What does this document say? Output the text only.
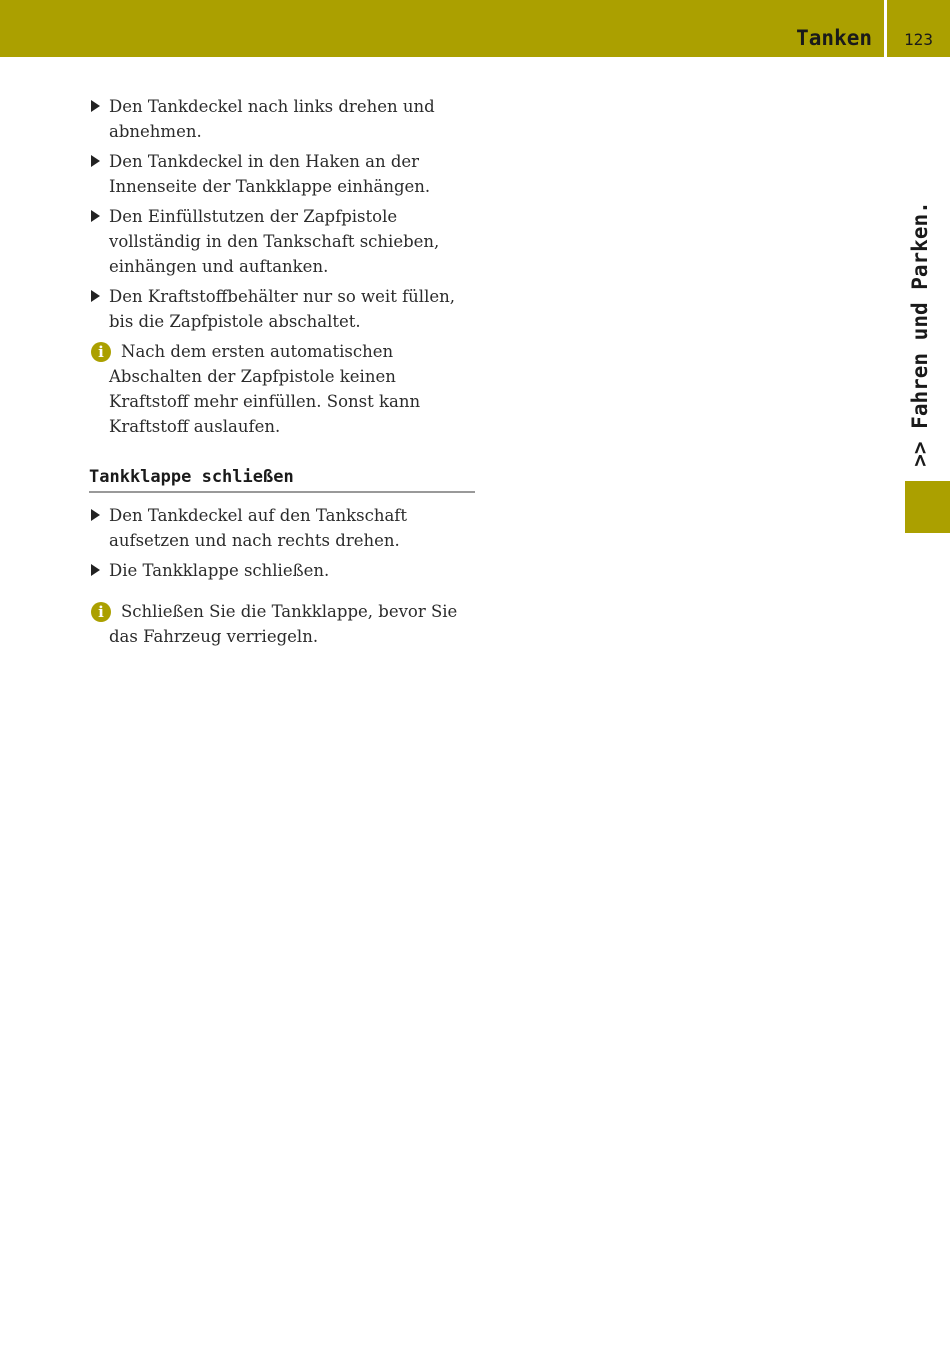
Tanken	123
>> Fahren und Parken.
Den Tankdeckel nach links drehen und abnehmen.
Den Tankdeckel in den Haken an der Innenseite der Tankklappe einhängen.
Den Einfüllstutzen der Zapfpistole vollständig in den Tankschaft schieben, einhängen und auftanken.
Den Kraftstoffbehälter nur so weit füllen, bis die Zapfpistole abschaltet.
i	Nach dem ersten automatischen Abschalten der Zapfpistole keinen Kraftstoff mehr einfüllen. Sonst kann Kraftstoff auslaufen.
Tankklappe schließen
Den Tankdeckel auf den Tankschaft aufsetzen und nach rechts drehen.
Die Tankklappe schließen.
i	Schließen Sie die Tankklappe, bevor Sie das Fahrzeug verriegeln.
